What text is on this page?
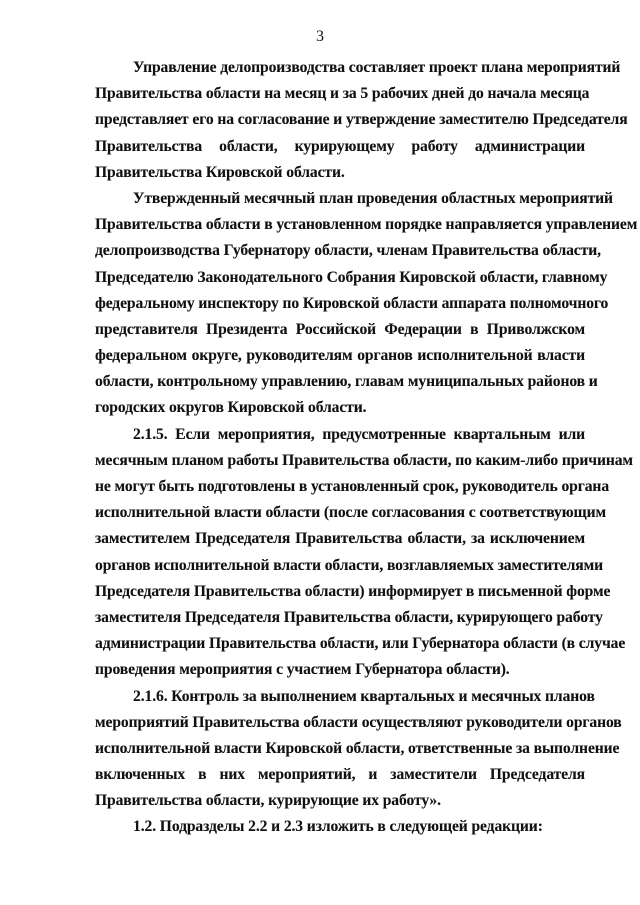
3
Управление делопроизводства составляет проект плана мероприятий
Правительства области на месяц и за 5 рабочих дней до начала месяца
представляет его на согласование и утверждение заместителю Председателя
Правительства области, курирующему работу администрации
Правительства Кировской области.
Утвержденный месячный план проведения областных мероприятий
Правительства области в установленном порядке направляется управлением
делопроизводства Губернатору области, членам Правительства области,
Председателю Законодательного Собрания Кировской области, главному
федеральному инспектору по Кировской области аппарата полномочного
представителя Президента Российской Федерации в Приволжском
федеральном округе, руководителям органов исполнительной власти
области, контрольному управлению, главам муниципальных районов и
городских округов Кировской области.
2.1.5. Если мероприятия, предусмотренные квартальным или
месячным планом работы Правительства области, по каким-либо причинам
не могут быть подготовлены в установленный срок, руководитель органа
исполнительной власти области (после согласования с соответствующим
заместителем Председателя Правительства области, за исключением
органов исполнительной власти области, возглавляемых заместителями
Председателя Правительства области) информирует в письменной форме
заместителя Председателя Правительства области, курирующего работу
администрации Правительства области, или Губернатора области (в случае
проведения мероприятия с участием Губернатора области).
2.1.6. Контроль за выполнением квартальных и месячных планов
мероприятий Правительства области осуществляют руководители органов
исполнительной власти Кировской области, ответственные за выполнение
включенных в них мероприятий, и заместители Председателя
Правительства области, курирующие их работу».
1.2. Подразделы 2.2 и 2.3 изложить в следующей редакции:
